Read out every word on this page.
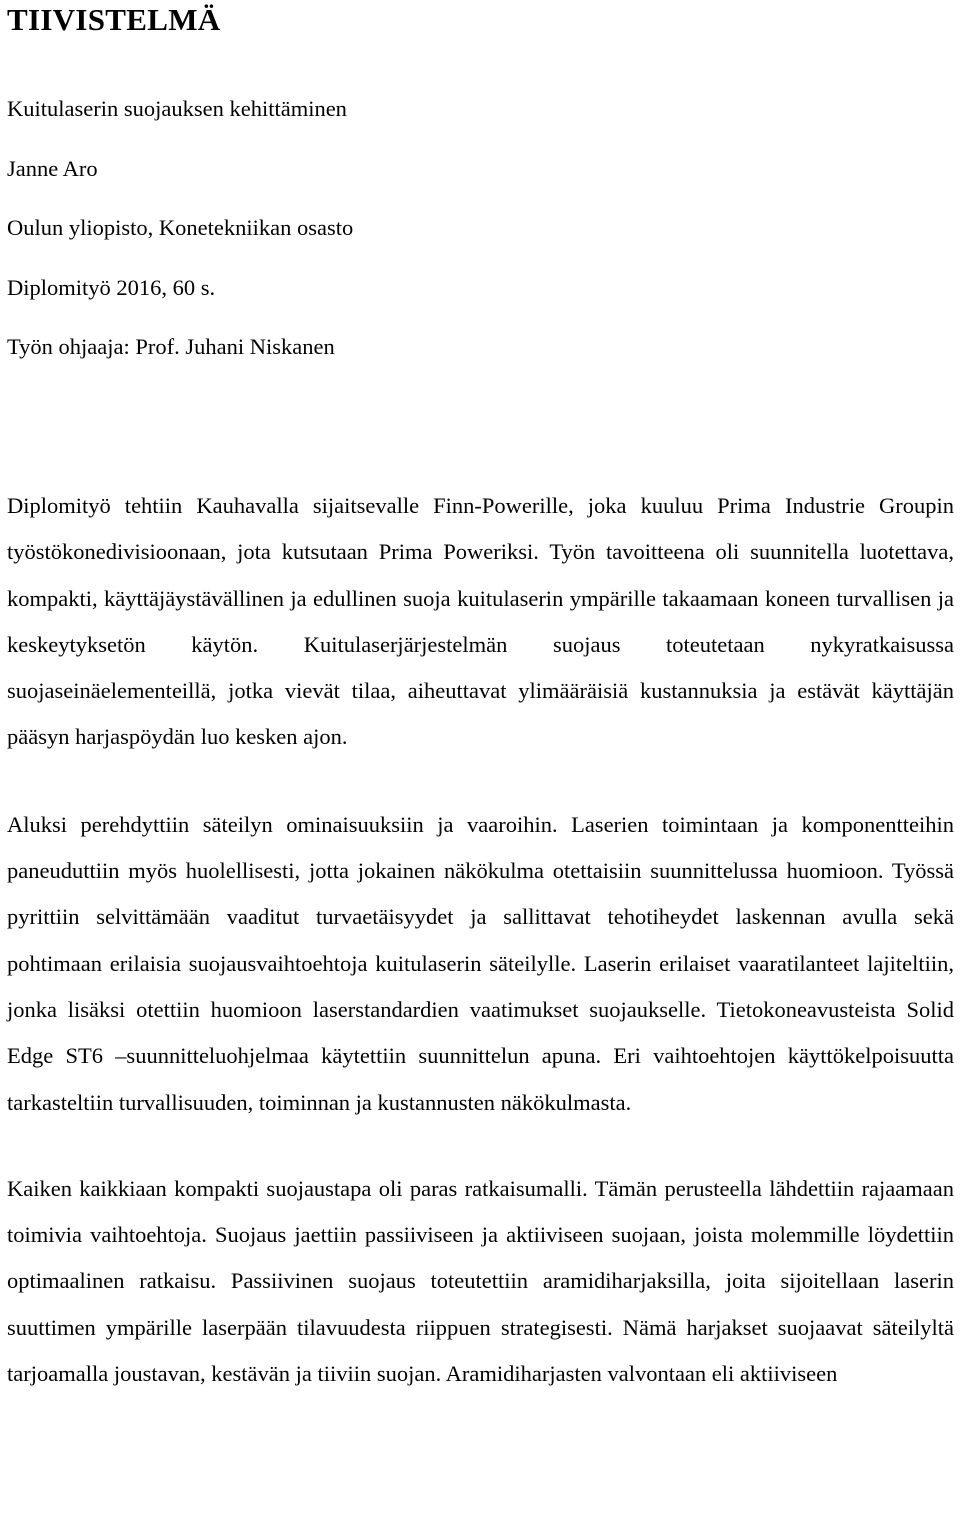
TIIVISTELMÄ

Kuitulaserin suojauksen kehittäminen

Janne Aro

Oulun yliopisto, Konetekniikan osasto

Diplomityö 2016, 60 s.

Työn ohjaaja: Prof. Juhani Niskanen

Diplomityö tehtiin Kauhavalla sijaitsevalle Finn-Powerille, joka kuuluu Prima Industrie Groupin työstökonedivisioonaan, jota kutsutaan Prima Poweriksi. Työn tavoitteena oli suunnitella luotettava, kompakti, käyttäjäystävällinen ja edullinen suoja kuitulaserin ympärille takaamaan koneen turvallisen ja keskeytyksetön käytön. Kuitulaserjärjestelmän suojaus toteutetaan nykyratkaisussa suojaseinäelementeillä, jotka vievät tilaa, aiheuttavat ylimääräisiä kustannuksia ja estävät käyttäjän pääsyn harjaspöydän luo kesken ajon.

Aluksi perehdyttiin säteilyn ominaisuuksiin ja vaaroihin. Laserien toimintaan ja komponentteihin paneuduttiin myös huolellisesti, jotta jokainen näkökulma otettaisiin suunnittelussa huomioon. Työssä pyrittiin selvittämään vaaditut turvaetäisyydet ja sallittavat tehotiheydet laskennan avulla sekä pohtimaan erilaisia suojausvaihtoehtoja kuitulaserin säteilylle. Laserin erilaiset vaaratilanteet lajiteltiin, jonka lisäksi otettiin huomioon laserstandardien vaatimukset suojaukselle. Tietokoneavusteista Solid Edge ST6 –suunnitteluohjelmaa käytettiin suunnittelun apuna. Eri vaihtoehtojen käyttökelpoisuutta tarkasteltiin turvallisuuden, toiminnan ja kustannusten näkökulmasta.

Kaiken kaikkiaan kompakti suojaustapa oli paras ratkaisumalli. Tämän perusteella lähdettiin rajaamaan toimivia vaihtoehtoja. Suojaus jaettiin passiiviseen ja aktiiviseen suojaan, joista molemmille löydettiin optimaalinen ratkaisu. Passiivinen suojaus toteutettiin aramidiharjaksilla, joita sijoitellaan laserin suuttimen ympärille laserpään tilavuudesta riippuen strategisesti. Nämä harjakset suojaavat säteilyltä tarjoamalla joustavan, kestävän ja tiiviin suojan. Aramidiharjasten valvontaan eli aktiiviseen
